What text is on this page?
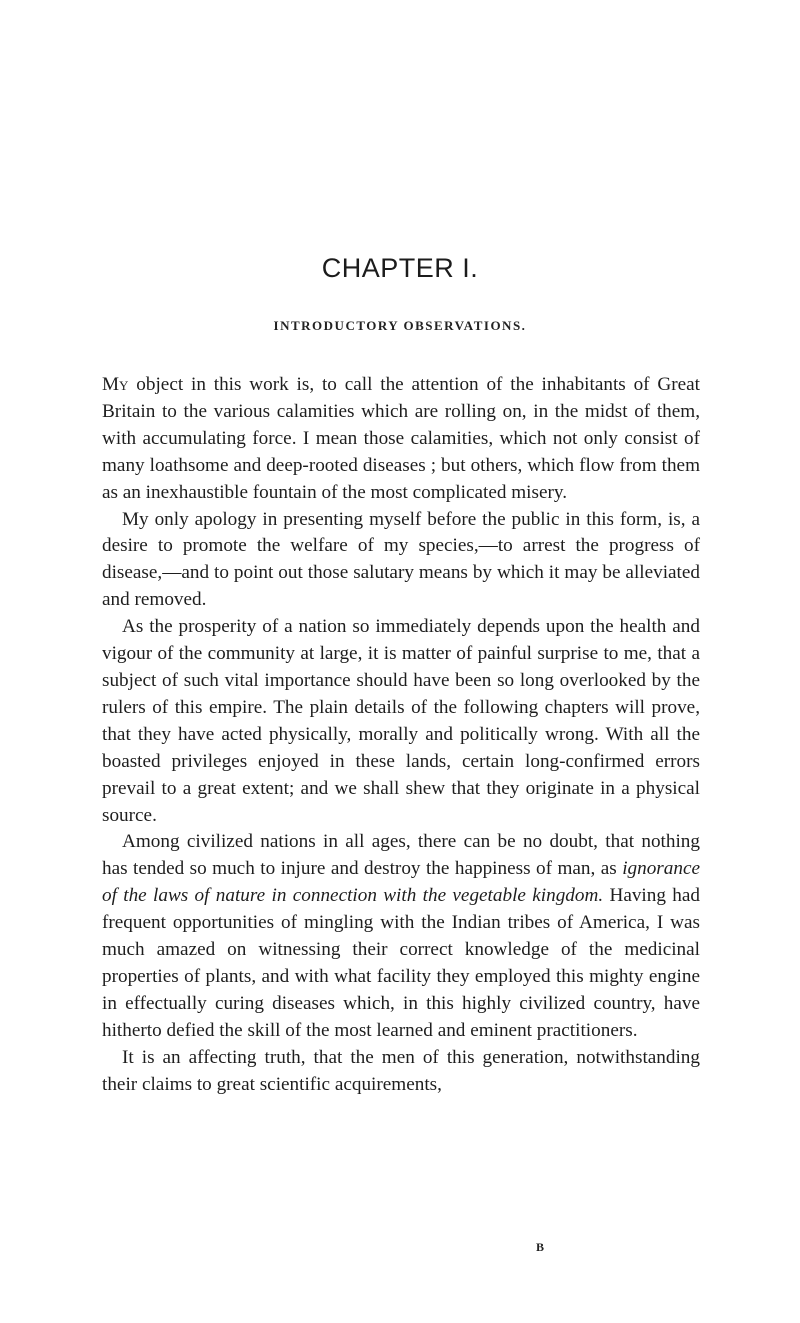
CHAPTER I.
INTRODUCTORY OBSERVATIONS.

My object in this work is, to call the attention of the inhabitants of Great Britain to the various calamities which are rolling on, in the midst of them, with accumulating force. I mean those calamities, which not only consist of many loathsome and deep-rooted diseases ; but others, which flow from them as an inexhaustible fountain of the most complicated misery.

My only apology in presenting myself before the public in this form, is, a desire to promote the welfare of my species,—to arrest the progress of disease,—and to point out those salutary means by which it may be alleviated and removed.

As the prosperity of a nation so immediately depends upon the health and vigour of the community at large, it is matter of painful surprise to me, that a subject of such vital importance should have been so long overlooked by the rulers of this empire. The plain details of the following chapters will prove, that they have acted physically, morally and politically wrong. With all the boasted privileges enjoyed in these lands, certain long-confirmed errors prevail to a great extent; and we shall shew that they originate in a physical source.

Among civilized nations in all ages, there can be no doubt, that nothing has tended so much to injure and destroy the happiness of man, as ignorance of the laws of nature in connection with the vegetable kingdom. Having had frequent opportunities of mingling with the Indian tribes of America, I was much amazed on witnessing their correct knowledge of the medicinal properties of plants, and with what facility they employed this mighty engine in effectually curing diseases which, in this highly civilized country, have hitherto defied the skill of the most learned and eminent practitioners.

It is an affecting truth, that the men of this generation, notwithstanding their claims to great scientific acquirements,

B
